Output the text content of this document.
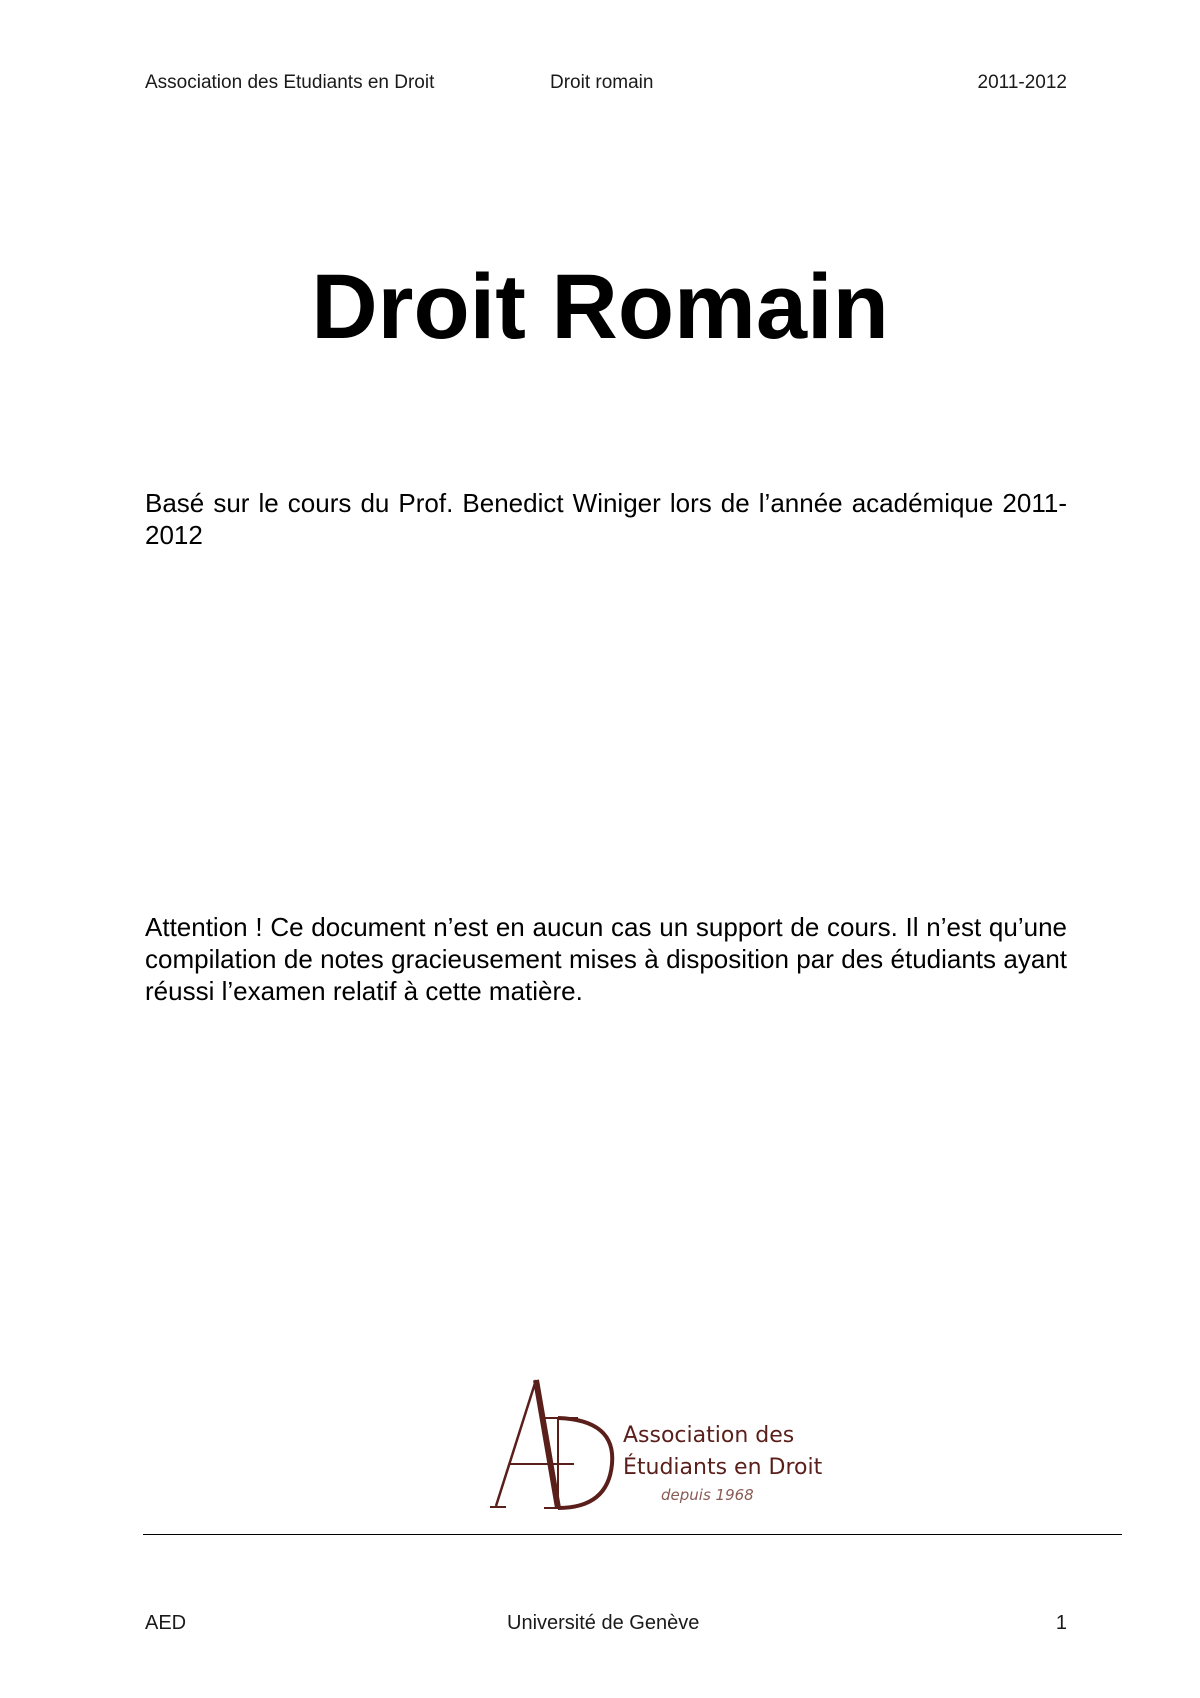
Association des Etudiants en Droit	Droit romain	2011-2012
Droit Romain
Basé sur le cours du Prof. Benedict Winiger lors de l’année académique 2011-2012
Attention ! Ce document n’est en aucun cas un support de cours. Il n’est qu’une compilation de notes gracieusement mises à disposition par des étudiants ayant réussi l’examen relatif à cette matière.
Association des
Étudiants en Droit
depuis 1968
AED	Université de Genève	1
